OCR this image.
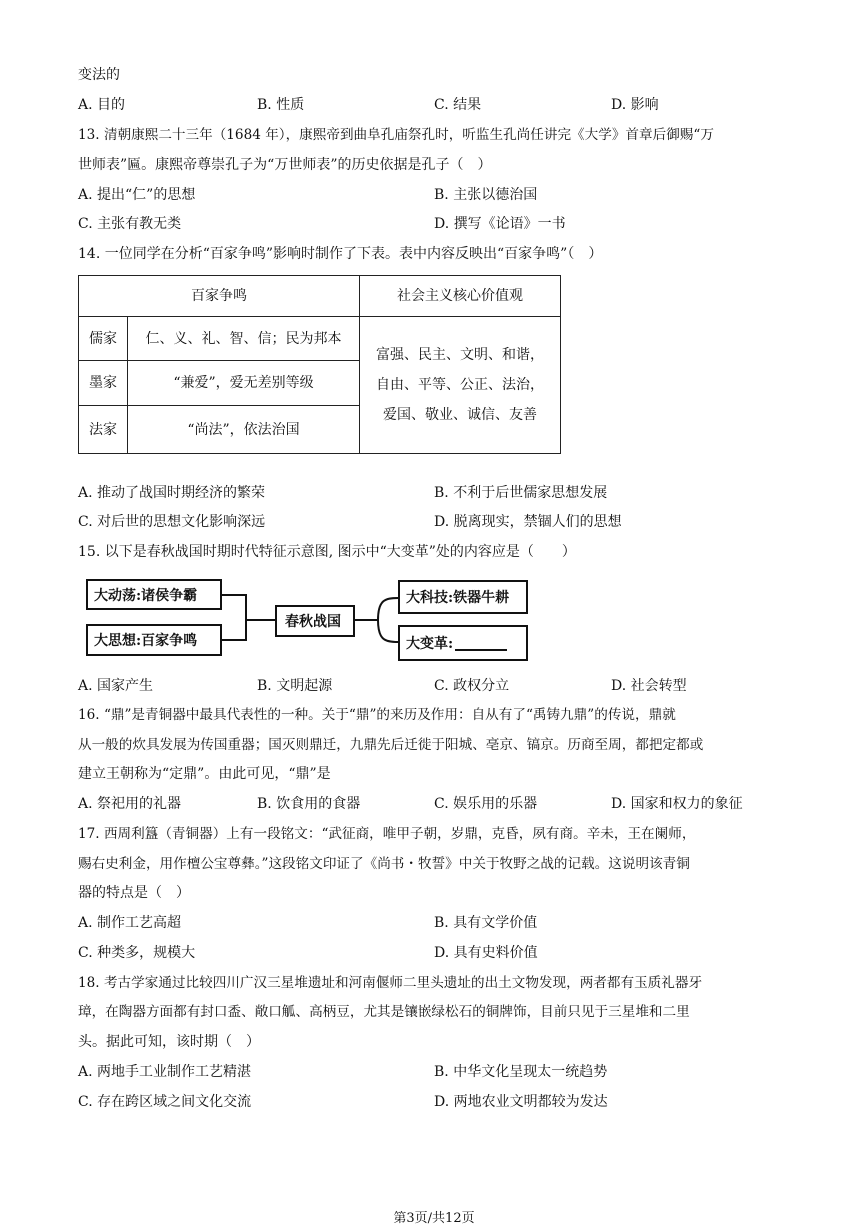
变法的
A. 目的	B. 性质	C. 结果	D. 影响
13. 清朝康熙二十三年（1684 年），康熙帝到曲阜孔庙祭孔时，听监生孔尚任讲完《大学》首章后御赐“万
世师表”匾。康熙帝尊崇孔子为“万世师表”的历史依据是孔子（　）
A. 提出“仁”的思想	B. 主张以德治国
C. 主张有教无类	D. 撰写《论语》一书
14. 一位同学在分析“百家争鸣”影响时制作了下表。表中内容反映出“百家争鸣”（　）
百家争鸣		社会主义核心价值观
儒家	仁、义、礼、智、信；民为邦本	富强、民主、文明、和谐，
自由、平等、公正、法治，
爱国、敬业、诚信、友善

墨家	“兼爱”，爱无差别等级	
法家	“尚法”，依法治国	
A. 推动了战国时期经济的繁荣	B. 不利于后世儒家思想发展
C. 对后世的思想文化影响深远	D. 脱离现实，禁锢人们的思想
15. 以下是春秋战国时期时代特征示意图, 图示中“大变革”处的内容应是（　　）
大动荡:诸侯争霸
大思想:百家争鸣
春秋战国
大科技:铁器牛耕
大变革:
A. 国家产生	B. 文明起源	C. 政权分立	D. 社会转型
16. “鼎”是青铜器中最具代表性的一种。关于“鼎”的来历及作用：自从有了“禹铸九鼎”的传说，鼎就
从一般的炊具发展为传国重器；国灭则鼎迁，九鼎先后迁徙于阳城、亳京、镐京。历商至周，都把定都或
建立王朝称为“定鼎”。由此可见，“鼎”是
A. 祭祀用的礼器	B. 饮食用的食器	C. 娱乐用的乐器	D. 国家和权力的象征
17. 西周利簋（青铜器）上有一段铭文：“武征商，唯甲子朝，岁鼎，克昏，夙有商。辛未，王在阑师，
赐右史利金，用作檀公宝尊彝。”这段铭文印证了《尚书・牧誓》中关于牧野之战的记载。这说明该青铜
器的特点是（　）
A. 制作工艺高超	B. 具有文学价值
C. 种类多，规模大	D. 具有史料价值
18. 考古学家通过比较四川广汉三星堆遗址和河南偃师二里头遗址的出土文物发现，两者都有玉质礼器牙
璋，在陶器方面都有封口盉、敞口觚、高柄豆，尤其是镶嵌绿松石的铜牌饰，目前只见于三星堆和二里
头。据此可知，该时期（　）
A. 两地手工业制作工艺精湛	B. 中华文化呈现太一统趋势
C. 存在跨区域之间文化交流	D. 两地农业文明都较为发达
第3页/共12页
